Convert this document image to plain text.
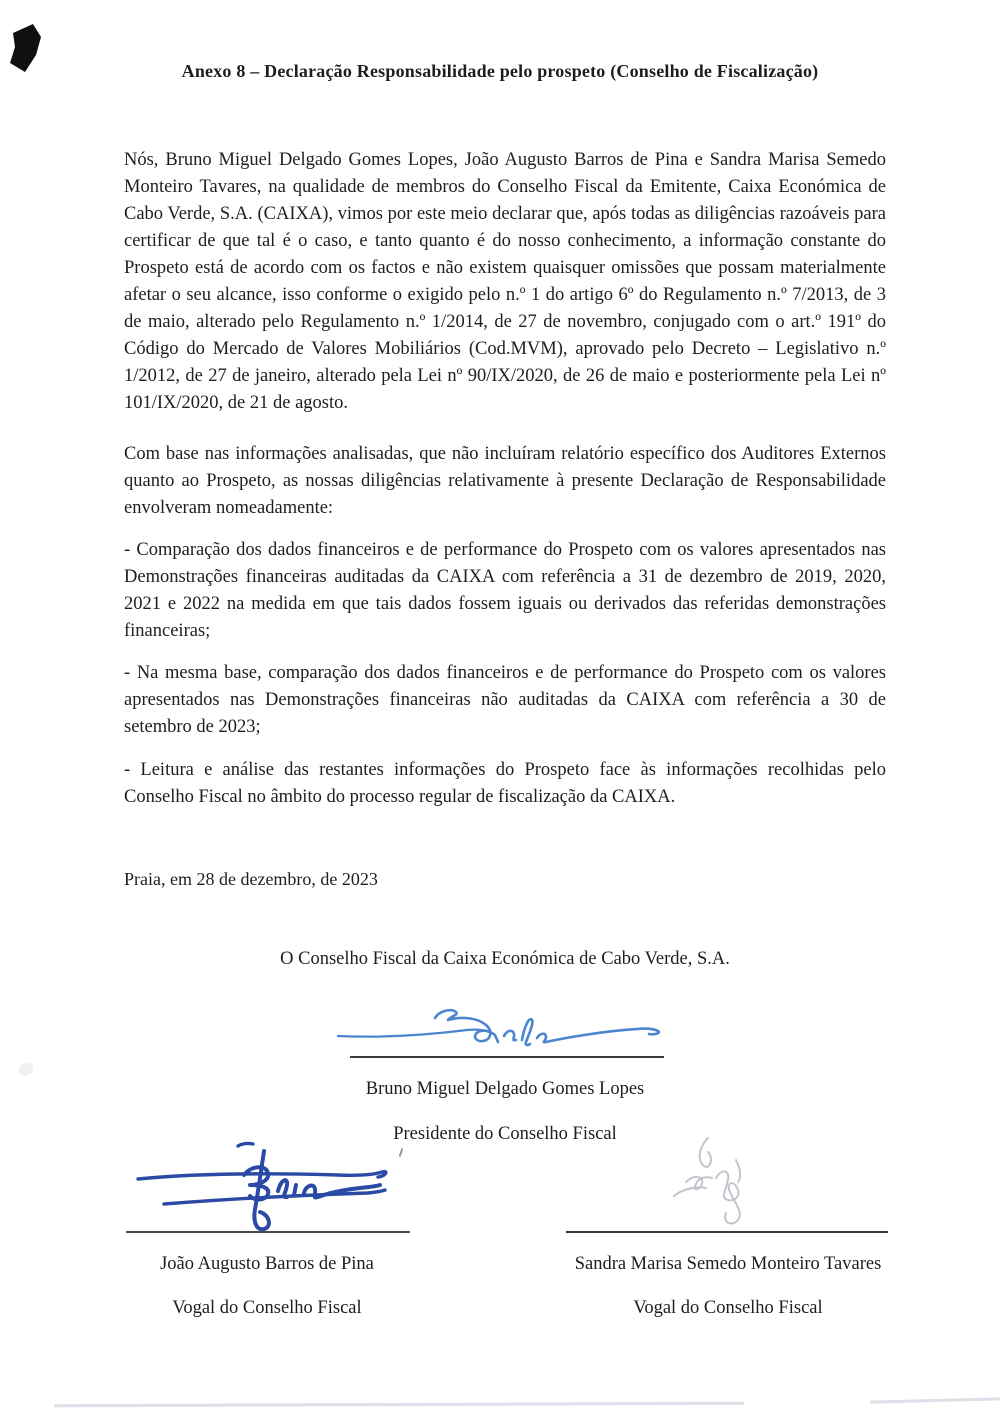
Anexo 8 – Declaração Responsabilidade pelo prospeto (Conselho de Fiscalização)

Nós, Bruno Miguel Delgado Gomes Lopes, João Augusto Barros de Pina e Sandra Marisa Semedo Monteiro Tavares, na qualidade de membros do Conselho Fiscal da Emitente, Caixa Económica de Cabo Verde, S.A. (CAIXA), vimos por este meio declarar que, após todas as diligências razoáveis para certificar de que tal é o caso, e tanto quanto é do nosso conhecimento, a informação constante do Prospeto está de acordo com os factos e não existem quaisquer omissões que possam materialmente afetar o seu alcance, isso conforme o exigido pelo n.º 1 do artigo 6º do Regulamento n.º 7/2013, de 3 de maio, alterado pelo Regulamento n.º 1/2014, de 27 de novembro, conjugado com o art.º 191º do Código do Mercado de Valores Mobiliários (Cod.MVM), aprovado pelo Decreto – Legislativo n.º 1/2012, de 27 de janeiro, alterado pela Lei nº 90/IX/2020, de 26 de maio e posteriormente pela Lei nº 101/IX/2020, de 21 de agosto.

Com base nas informações analisadas, que não incluíram relatório específico dos Auditores Externos quanto ao Prospeto, as nossas diligências relativamente à presente Declaração de Responsabilidade envolveram nomeadamente:

- Comparação dos dados financeiros e de performance do Prospeto com os valores apresentados nas Demonstrações financeiras auditadas da CAIXA com referência a 31 de dezembro de 2019, 2020, 2021 e 2022 na medida em que tais dados fossem iguais ou derivados das referidas demonstrações financeiras;

- Na mesma base, comparação dos dados financeiros e de performance do Prospeto com os valores apresentados nas Demonstrações financeiras não auditadas da CAIXA com referência a 30 de setembro de 2023;

- Leitura e análise das restantes informações do Prospeto face às informações recolhidas pelo Conselho Fiscal no âmbito do processo regular de fiscalização da CAIXA.

Praia, em 28 de dezembro, de 2023

O Conselho Fiscal da Caixa Económica de Cabo Verde, S.A.

Bruno Miguel Delgado Gomes Lopes

Presidente do Conselho Fiscal

João Augusto Barros de Pina

Vogal do Conselho Fiscal

Sandra Marisa Semedo Monteiro Tavares

Vogal do Conselho Fiscal
